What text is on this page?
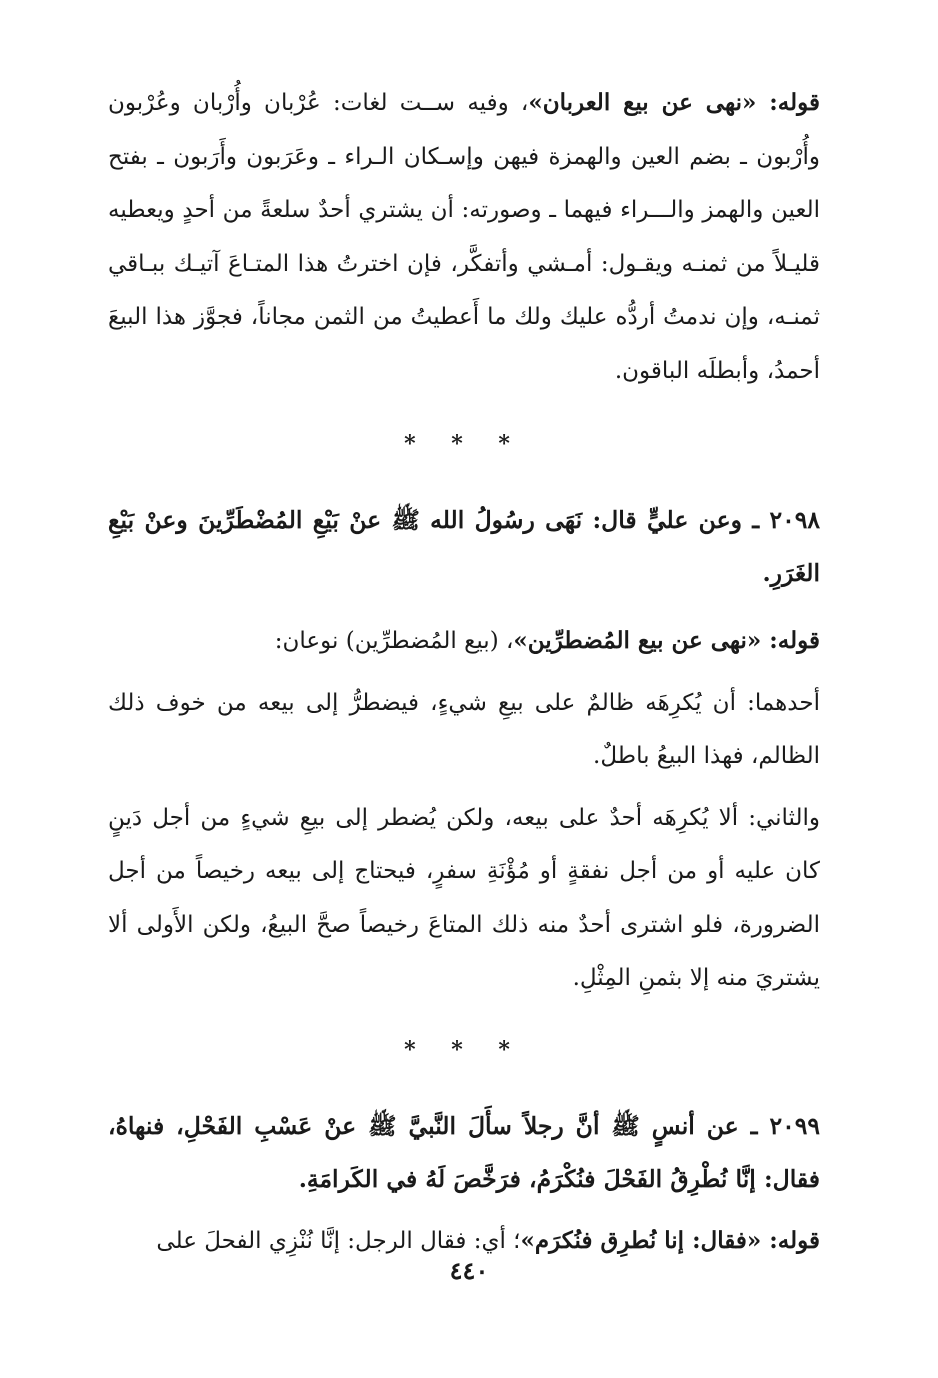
قوله: «نهى عن بيع العربان»، وفيه ســت لغات: عُرْبان وأُرْبان وعُرْبون وأُرْبون ـ بضم العين والهمزة فيهن وإسـكان الـراء ـ وعَرَبون وأَرَبون ـ بفتح العين والهمز والـــراء فيهما ـ وصورته: أن يشتري أحدٌ سلعةً من أحدٍ ويعطيه قليـلاً من ثمنـه ويقـول: أمـشي وأتفكَّر، فإن اخترتُ هذا المتـاعَ آتيـك ببـاقي ثمنـه، وإن ندمتُ أردُّه عليك ولك ما أَعطيتُ من الثمن مجاناً، فجوَّز هذا البيعَ أحمدُ، وأبطلَه الباقون.

* * *

٢٠٩٨ ـ وعن عليٍّ قال: نَهَى رسُولُ الله ﷺ عنْ بَيْعِ المُضْطَرِّينَ وعنْ بَيْعِ الغَرَرِ.

قوله: «نهى عن بيع المُضطرِّين»، (بيع المُضطرِّين) نوعان:

أحدهما: أن يُكرِهَه ظالمٌ على بيعِ شيءٍ، فيضطرُّ إلى بيعه من خوف ذلك الظالم، فهذا البيعُ باطلٌ.

والثاني: ألا يُكرِهَه أحدٌ على بيعه، ولكن يُضطر إلى بيعِ شيءٍ من أجل دَينٍ كان عليه أو من أجل نفقةٍ أو مُؤْنَةِ سفرٍ، فيحتاج إلى بيعه رخيصاً من أجل الضرورة، فلو اشترى أحدٌ منه ذلك المتاعَ رخيصاً صحَّ البيعُ، ولكن الأَولى ألا يشتريَ منه إلا بثمنِ المِثْلِ.

* * *

٢٠٩٩ ـ عن أنسٍ ﷺ أنَّ رجلاً سأَلَ النَّبيَّ ﷺ عنْ عَسْبِ الفَحْلِ، فنهاهُ، فقال: إنَّا نُطْرِقُ الفَحْلَ فنُكْرَمُ، فرَخَّصَ لَهُ في الكَرامَةِ.

قوله: «فقال: إنا نُطرِق فنُكرَم»؛ أي: فقال الرجل: إنَّا نُنْزِي الفحلَ على

٤٤٠
